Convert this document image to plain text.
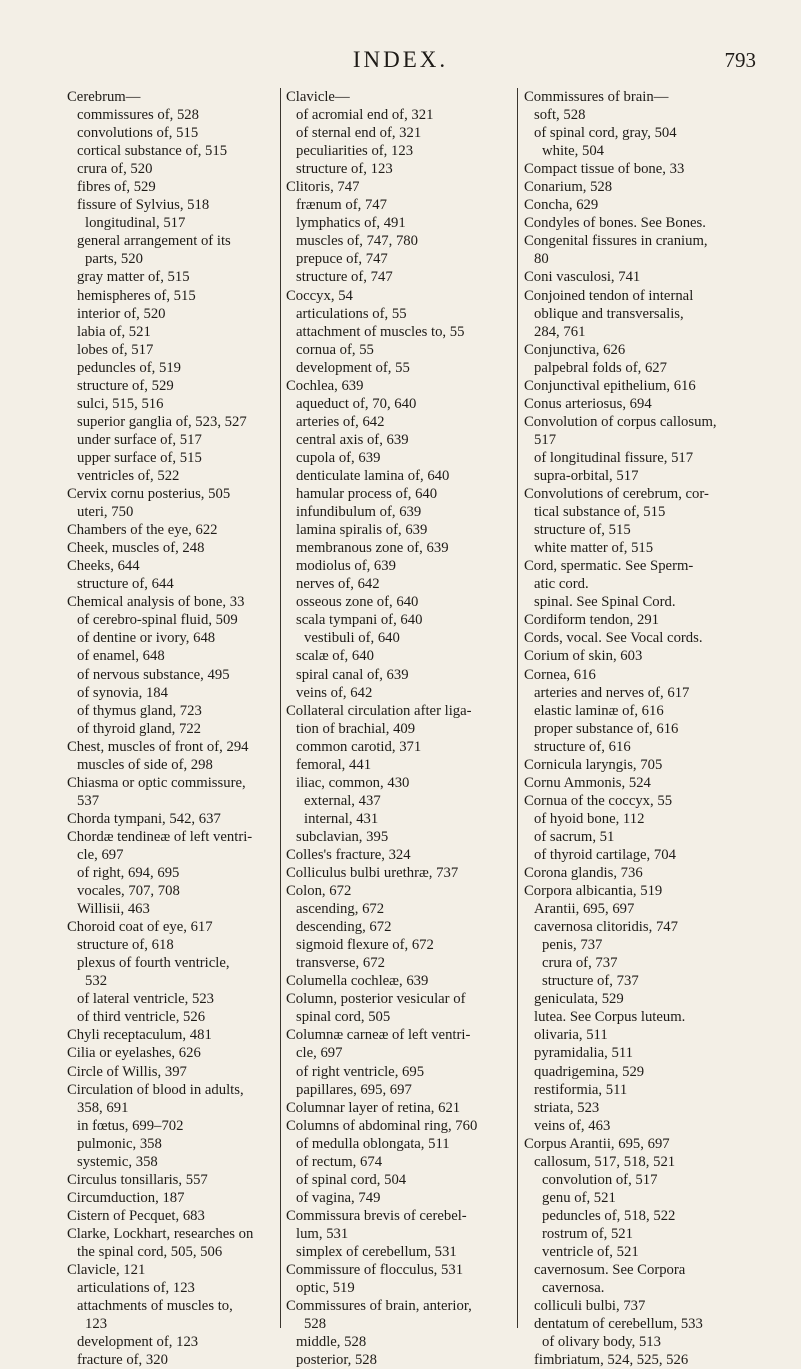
INDEX.	793
Cerebrum—
commissures of, 528
convolutions of, 515
cortical substance of, 515
crura of, 520
fibres of, 529
fissure of Sylvius, 518
longitudinal, 517
general arrangement of its
parts, 520
gray matter of, 515
hemispheres of, 515
interior of, 520
labia of, 521
lobes of, 517
peduncles of, 519
structure of, 529
sulci, 515, 516
superior ganglia of, 523, 527
under surface of, 517
upper surface of, 515
ventricles of, 522
Cervix cornu posterius, 505
uteri, 750
Chambers of the eye, 622
Cheek, muscles of, 248
Cheeks, 644
structure of, 644
Chemical analysis of bone, 33
of cerebro-spinal fluid, 509
of dentine or ivory, 648
of enamel, 648
of nervous substance, 495
of synovia, 184
of thymus gland, 723
of thyroid gland, 722
Chest, muscles of front of, 294
muscles of side of, 298
Chiasma or optic commissure,
537
Chorda tympani, 542, 637
Chordæ tendineæ of left ventri-
cle, 697
of right, 694, 695
vocales, 707, 708
Willisii, 463
Choroid coat of eye, 617
structure of, 618
plexus of fourth ventricle,
532
of lateral ventricle, 523
of third ventricle, 526
Chyli receptaculum, 481
Cilia or eyelashes, 626
Circle of Willis, 397
Circulation of blood in adults,
358, 691
in fœtus, 699–702
pulmonic, 358
systemic, 358
Circulus tonsillaris, 557
Circumduction, 187
Cistern of Pecquet, 683
Clarke, Lockhart, researches on
the spinal cord, 505, 506
Clavicle, 121
articulations of, 123
attachments of muscles to,
123
development of, 123
fracture of, 320
Clavicle—
of acromial end of, 321
of sternal end of, 321
peculiarities of, 123
structure of, 123
Clitoris, 747
frænum of, 747
lymphatics of, 491
muscles of, 747, 780
prepuce of, 747
structure of, 747
Coccyx, 54
articulations of, 55
attachment of muscles to, 55
cornua of, 55
development of, 55
Cochlea, 639
aqueduct of, 70, 640
arteries of, 642
central axis of, 639
cupola of, 639
denticulate lamina of, 640
hamular process of, 640
infundibulum of, 639
lamina spiralis of, 639
membranous zone of, 639
modiolus of, 639
nerves of, 642
osseous zone of, 640
scala tympani of, 640
vestibuli of, 640
scalæ of, 640
spiral canal of, 639
veins of, 642
Collateral circulation after liga-
tion of brachial, 409
common carotid, 371
femoral, 441
iliac, common, 430
external, 437
internal, 431
subclavian, 395
Colles's fracture, 324
Colliculus bulbi urethræ, 737
Colon, 672
ascending, 672
descending, 672
sigmoid flexure of, 672
transverse, 672
Columella cochleæ, 639
Column, posterior vesicular of
spinal cord, 505
Columnæ carneæ of left ventri-
cle, 697
of right ventricle, 695
papillares, 695, 697
Columnar layer of retina, 621
Columns of abdominal ring, 760
of medulla oblongata, 511
of rectum, 674
of spinal cord, 504
of vagina, 749
Commissura brevis of cerebel-
lum, 531
simplex of cerebellum, 531
Commissure of flocculus, 531
optic, 519
Commissures of brain, anterior,
528
middle, 528
posterior, 528
Commissures of brain—
soft, 528
of spinal cord, gray, 504
white, 504
Compact tissue of bone, 33
Conarium, 528
Concha, 629
Condyles of bones. See Bones.
Congenital fissures in cranium,
80
Coni vasculosi, 741
Conjoined tendon of internal
oblique and transversalis,
284, 761
Conjunctiva, 626
palpebral folds of, 627
Conjunctival epithelium, 616
Conus arteriosus, 694
Convolution of corpus callosum,
517
of longitudinal fissure, 517
supra-orbital, 517
Convolutions of cerebrum, cor-
tical substance of, 515
structure of, 515
white matter of, 515
Cord, spermatic. See Sperm-
atic cord.
spinal. See Spinal Cord.
Cordiform tendon, 291
Cords, vocal. See Vocal cords.
Corium of skin, 603
Cornea, 616
arteries and nerves of, 617
elastic laminæ of, 616
proper substance of, 616
structure of, 616
Cornicula laryngis, 705
Cornu Ammonis, 524
Cornua of the coccyx, 55
of hyoid bone, 112
of sacrum, 51
of thyroid cartilage, 704
Corona glandis, 736
Corpora albicantia, 519
Arantii, 695, 697
cavernosa clitoridis, 747
penis, 737
crura of, 737
structure of, 737
geniculata, 529
lutea. See Corpus luteum.
olivaria, 511
pyramidalia, 511
quadrigemina, 529
restiformia, 511
striata, 523
veins of, 463
Corpus Arantii, 695, 697
callosum, 517, 518, 521
convolution of, 517
genu of, 521
peduncles of, 518, 522
rostrum of, 521
ventricle of, 521
cavernosum. See Corpora
cavernosa.
colliculi bulbi, 737
dentatum of cerebellum, 533
of olivary body, 513
fimbriatum, 524, 525, 526
